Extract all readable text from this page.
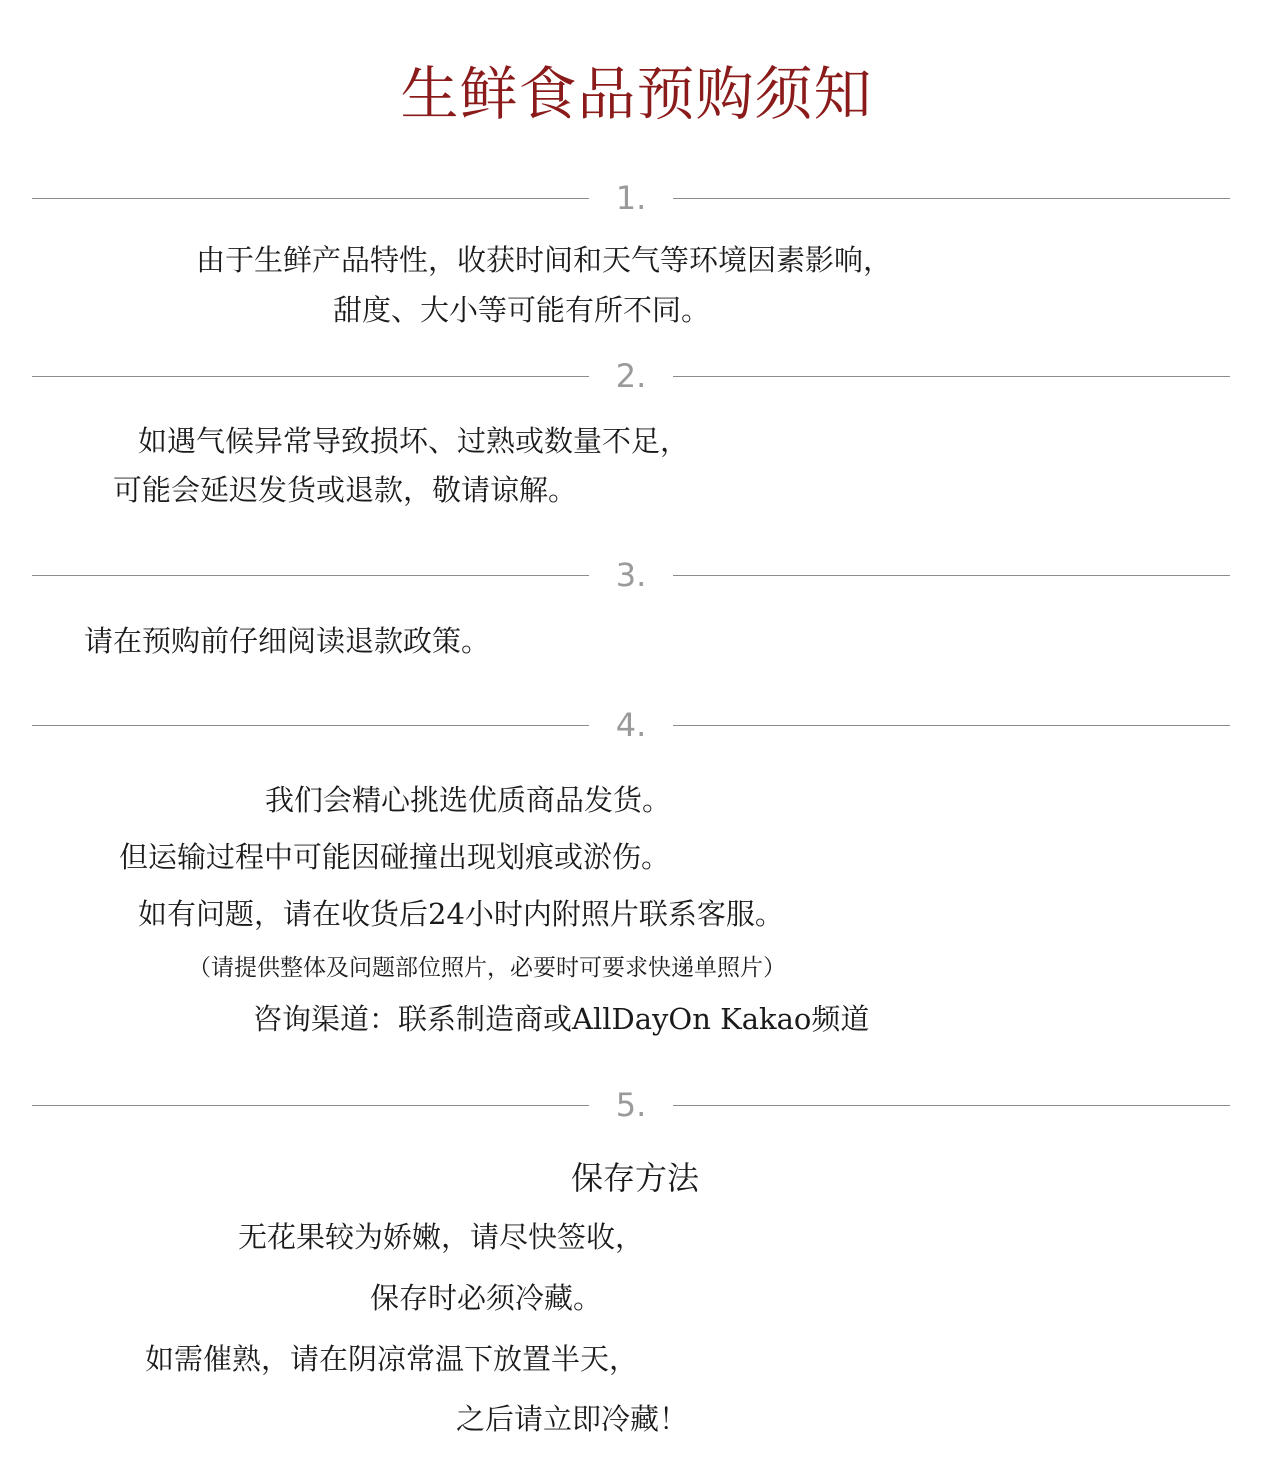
生鲜食品预购须知
1.
由于生鲜产品特性，收获时间和天气等环境因素影响，
甜度、大小等可能有所不同。
2.
如遇气候异常导致损坏、过熟或数量不足，
可能会延迟发货或退款，敬请谅解。
3.
请在预购前仔细阅读退款政策。
4.
我们会精心挑选优质商品发货。
但运输过程中可能因碰撞出现划痕或淤伤。
如有问题，请在收货后24小时内附照片联系客服。
（请提供整体及问题部位照片，必要时可要求快递单照片）
咨询渠道：联系制造商或AllDayOn Kakao频道
5.
保存方法
无花果较为娇嫩，请尽快签收，
保存时必须冷藏。
如需催熟，请在阴凉常温下放置半天，
之后请立即冷藏！
